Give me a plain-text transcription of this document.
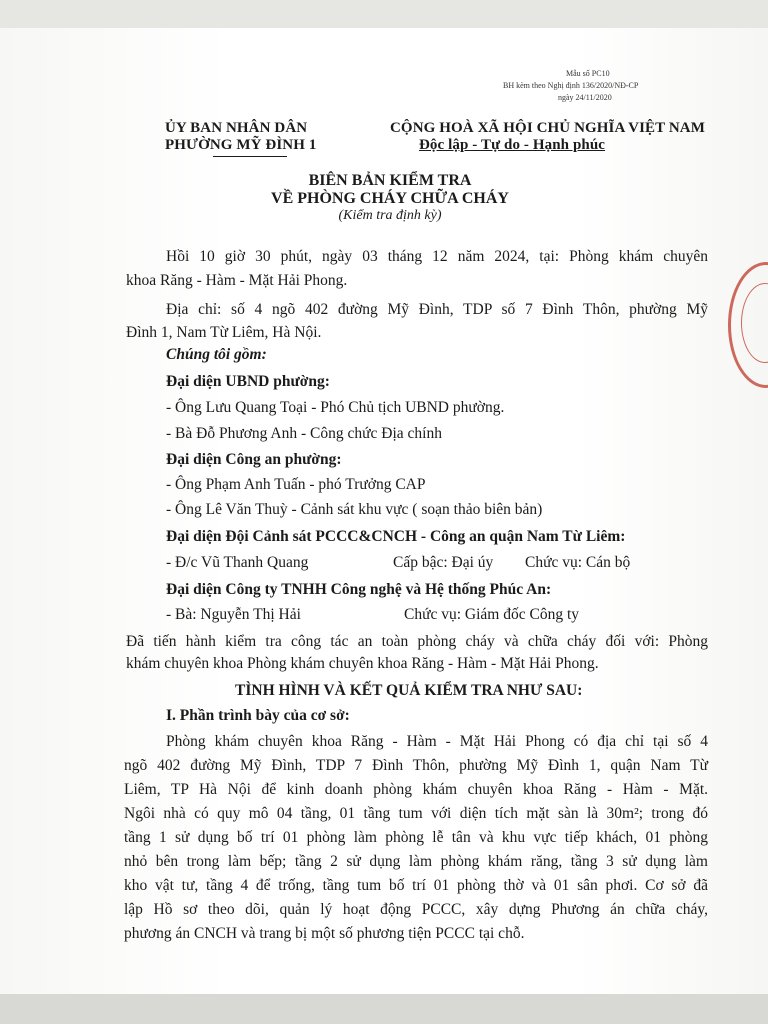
Mẫu số PC10
BH kèm theo Nghị định 136/2020/NĐ-CP
ngày 24/11/2020
ỦY BAN NHÂN DÂN
PHƯỜNG MỸ ĐÌNH 1
CỘNG HOÀ XÃ HỘI CHỦ NGHĨA VIỆT NAM
Độc lập - Tự do - Hạnh phúc
BIÊN BẢN KIỂM TRA
VỀ PHÒNG CHÁY CHỮA CHÁY
(Kiểm tra định kỳ)
Hồi 10 giờ 30 phút, ngày 03 tháng 12 năm 2024, tại: Phòng khám chuyên
khoa Răng - Hàm - Mặt Hải Phong.
Địa chỉ: số 4 ngõ 402 đường Mỹ Đình, TDP số 7 Đình Thôn, phường Mỹ
Đình 1, Nam Từ Liêm, Hà Nội.
Chúng tôi gồm:
Đại diện UBND phường:
- Ông Lưu Quang Toại - Phó Chủ tịch UBND phường.
- Bà Đỗ Phương Anh - Công chức Địa chính
Đại diện Công an phường:
- Ông Phạm Anh Tuấn - phó Trưởng CAP
- Ông Lê Văn Thuỳ - Cảnh sát khu vực ( soạn thảo biên bản)
Đại diện Đội Cảnh sát PCCC&CNCH - Công an quận Nam Từ Liêm:
- Đ/c Vũ Thanh Quang	Cấp bậc: Đại úy Chức vụ: Cán bộ
Đại diện Công ty TNHH Công nghệ và Hệ thống Phúc An:
- Bà: Nguyễn Thị Hải	Chức vụ: Giám đốc Công ty
Đã tiến hành kiểm tra công tác an toàn phòng cháy và chữa cháy đối với: Phòng
khám chuyên khoa Phòng khám chuyên khoa Răng - Hàm - Mặt Hải Phong.
TÌNH HÌNH VÀ KẾT QUẢ KIỂM TRA NHƯ SAU:
I. Phần trình bày của cơ sở:
Phòng khám chuyên khoa Răng - Hàm - Mặt Hải Phong có địa chỉ tại số 4
ngõ 402 đường Mỹ Đình, TDP 7 Đình Thôn, phường Mỹ Đình 1, quận Nam Từ
Liêm, TP Hà Nội để kinh doanh phòng khám chuyên khoa Răng - Hàm - Mặt.
Ngôi nhà có quy mô 04 tầng, 01 tầng tum với diện tích mặt sàn là 30m²; trong đó
tầng 1 sử dụng bố trí 01 phòng làm phòng lễ tân và khu vực tiếp khách, 01 phòng
nhỏ bên trong làm bếp; tầng 2 sử dụng làm phòng khám răng, tầng 3 sử dụng làm
kho vật tư, tầng 4 để trống, tầng tum bố trí 01 phòng thờ và 01 sân phơi. Cơ sở đã
lập Hồ sơ theo dõi, quản lý hoạt động PCCC, xây dựng Phương án chữa cháy,
phương án CNCH và trang bị một số phương tiện PCCC tại chỗ.
